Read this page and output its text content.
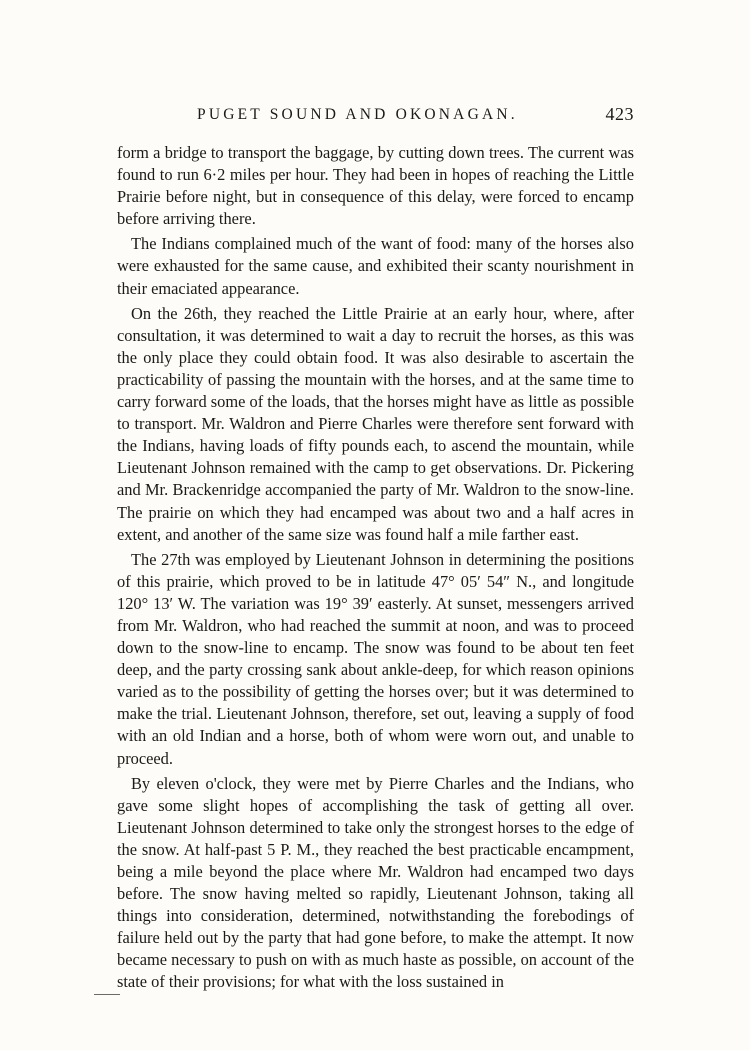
PUGET SOUND AND OKONAGAN.	423

form a bridge to transport the baggage, by cutting down trees. The current was found to run 6·2 miles per hour. They had been in hopes of reaching the Little Prairie before night, but in consequence of this delay, were forced to encamp before arriving there.

The Indians complained much of the want of food: many of the horses also were exhausted for the same cause, and exhibited their scanty nourishment in their emaciated appearance.

On the 26th, they reached the Little Prairie at an early hour, where, after consultation, it was determined to wait a day to recruit the horses, as this was the only place they could obtain food. It was also desirable to ascertain the practicability of passing the mountain with the horses, and at the same time to carry forward some of the loads, that the horses might have as little as possible to transport. Mr. Waldron and Pierre Charles were therefore sent forward with the Indians, having loads of fifty pounds each, to ascend the mountain, while Lieutenant Johnson remained with the camp to get observations. Dr. Pickering and Mr. Brackenridge accompanied the party of Mr. Waldron to the snow-line. The prairie on which they had encamped was about two and a half acres in extent, and another of the same size was found half a mile farther east.

The 27th was employed by Lieutenant Johnson in determining the positions of this prairie, which proved to be in latitude 47° 05′ 54″ N., and longitude 120° 13′ W. The variation was 19° 39′ easterly. At sunset, messengers arrived from Mr. Waldron, who had reached the summit at noon, and was to proceed down to the snow-line to encamp. The snow was found to be about ten feet deep, and the party crossing sank about ankle-deep, for which reason opinions varied as to the possibility of getting the horses over; but it was determined to make the trial. Lieutenant Johnson, therefore, set out, leaving a supply of food with an old Indian and a horse, both of whom were worn out, and unable to proceed.

By eleven o'clock, they were met by Pierre Charles and the Indians, who gave some slight hopes of accomplishing the task of getting all over. Lieutenant Johnson determined to take only the strongest horses to the edge of the snow. At half-past 5 P. M., they reached the best practicable encampment, being a mile beyond the place where Mr. Waldron had encamped two days before. The snow having melted so rapidly, Lieutenant Johnson, taking all things into consideration, determined, notwithstanding the forebodings of failure held out by the party that had gone before, to make the attempt. It now became necessary to push on with as much haste as possible, on account of the state of their provisions; for what with the loss sustained in
